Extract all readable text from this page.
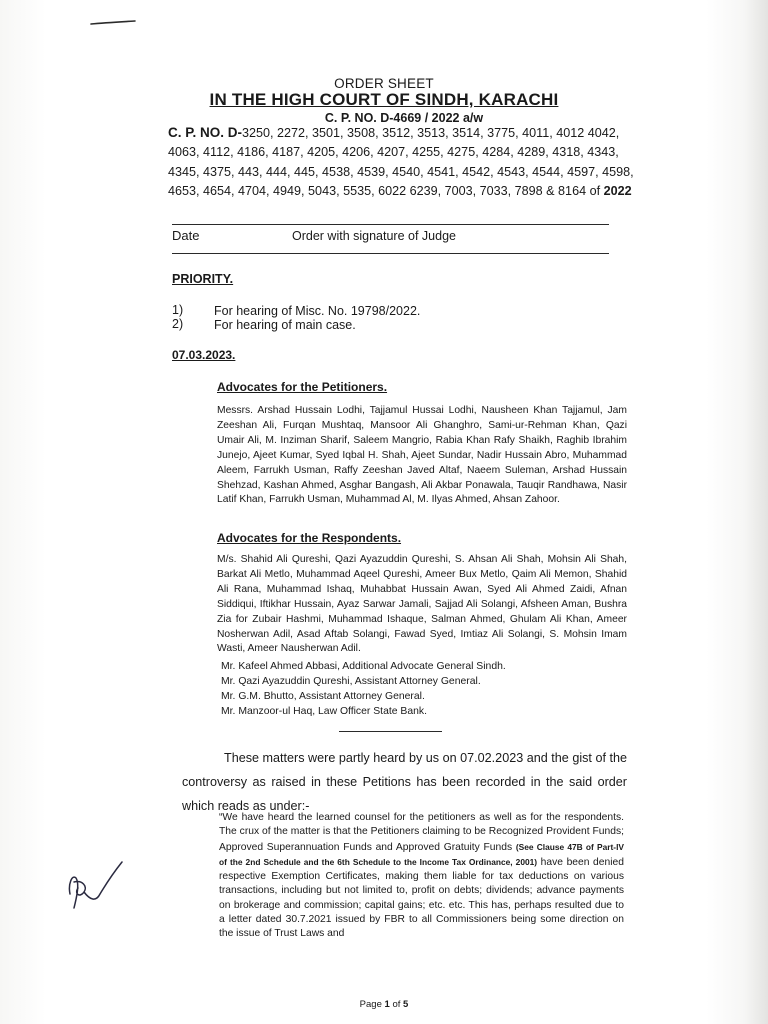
ORDER SHEET
IN THE HIGH COURT OF SINDH, KARACHI
C. P. NO. D-4669 / 2022 a/w
C. P. NO. D-3250, 2272, 3501, 3508, 3512, 3513, 3514, 3775, 4011, 4012 4042, 4063, 4112, 4186, 4187, 4205, 4206, 4207, 4255, 4275, 4284, 4289, 4318, 4343, 4345, 4375, 443, 444, 445, 4538, 4539, 4540, 4541, 4542, 4543, 4544, 4597, 4598, 4653, 4654, 4704, 4949, 5043, 5535, 6022 6239, 7003, 7033, 7898 & 8164 of 2022
Date	Order with signature of Judge
PRIORITY.
1) For hearing of Misc. No. 19798/2022.
2) For hearing of main case.
07.03.2023.
Advocates for the Petitioners.

Messrs. Arshad Hussain Lodhi, Tajjamul Hussai Lodhi, Nausheen Khan Tajjamul, Jam Zeeshan Ali, Furqan Mushtaq, Mansoor Ali Ghanghro, Sami-ur-Rehman Khan, Qazi Umair Ali, M. Inziman Sharif, Saleem Mangrio, Rabia Khan Rafy Shaikh, Raghib Ibrahim Junejo, Ajeet Kumar, Syed Iqbal H. Shah, Ajeet Sundar, Nadir Hussain Abro, Muhammad Aleem, Farrukh Usman, Raffy Zeeshan Javed Altaf, Naeem Suleman, Arshad Hussain Shehzad, Kashan Ahmed, Asghar Bangash, Ali Akbar Ponawala, Tauqir Randhawa, Nasir Latif Khan, Farrukh Usman, Muhammad Al, M. Ilyas Ahmed, Ahsan Zahoor.

Advocates for the Respondents.

M/s. Shahid Ali Qureshi, Qazi Ayazuddin Qureshi, S. Ahsan Ali Shah, Mohsin Ali Shah, Barkat Ali Metlo, Muhammad Aqeel Qureshi, Ameer Bux Metlo, Qaim Ali Memon, Shahid Ali Rana, Muhammad Ishaq, Muhabbat Hussain Awan, Syed Ali Ahmed Zaidi, Afnan Siddiqui, Iftikhar Hussain, Ayaz Sarwar Jamali, Sajjad Ali Solangi, Afsheen Aman, Bushra Zia for Zubair Hashmi, Muhammad Ishaque, Salman Ahmed, Ghulam Ali Khan, Ameer Nosherwan Adil, Asad Aftab Solangi, Fawad Syed, Imtiaz Ali Solangi, S. Mohsin Imam Wasti, Ameer Nausherwan Adil.

Mr. Kafeel Ahmed Abbasi, Additional Advocate General Sindh.
Mr. Qazi Ayazuddin Qureshi, Assistant Attorney General.
Mr. G.M. Bhutto, Assistant Attorney General.
Mr. Manzoor-ul Haq, Law Officer State Bank.
These matters were partly heard by us on 07.02.2023 and the gist of the controversy as raised in these Petitions has been recorded in the said order which reads as under:-
“We have heard the learned counsel for the petitioners as well as for the respondents. The crux of the matter is that the Petitioners claiming to be Recognized Provident Funds; Approved Superannuation Funds and Approved Gratuity Funds (See Clause 47B of Part-IV of the 2nd Schedule and the 6th Schedule to the Income Tax Ordinance, 2001) have been denied respective Exemption Certificates, making them liable for tax deductions on various transactions, including but not limited to, profit on debts; dividends; advance payments on brokerage and commission; capital gains; etc. etc. This has, perhaps resulted due to a letter dated 30.7.2021 issued by FBR to all Commissioners being some direction on the issue of Trust Laws and
Page 1 of 5
